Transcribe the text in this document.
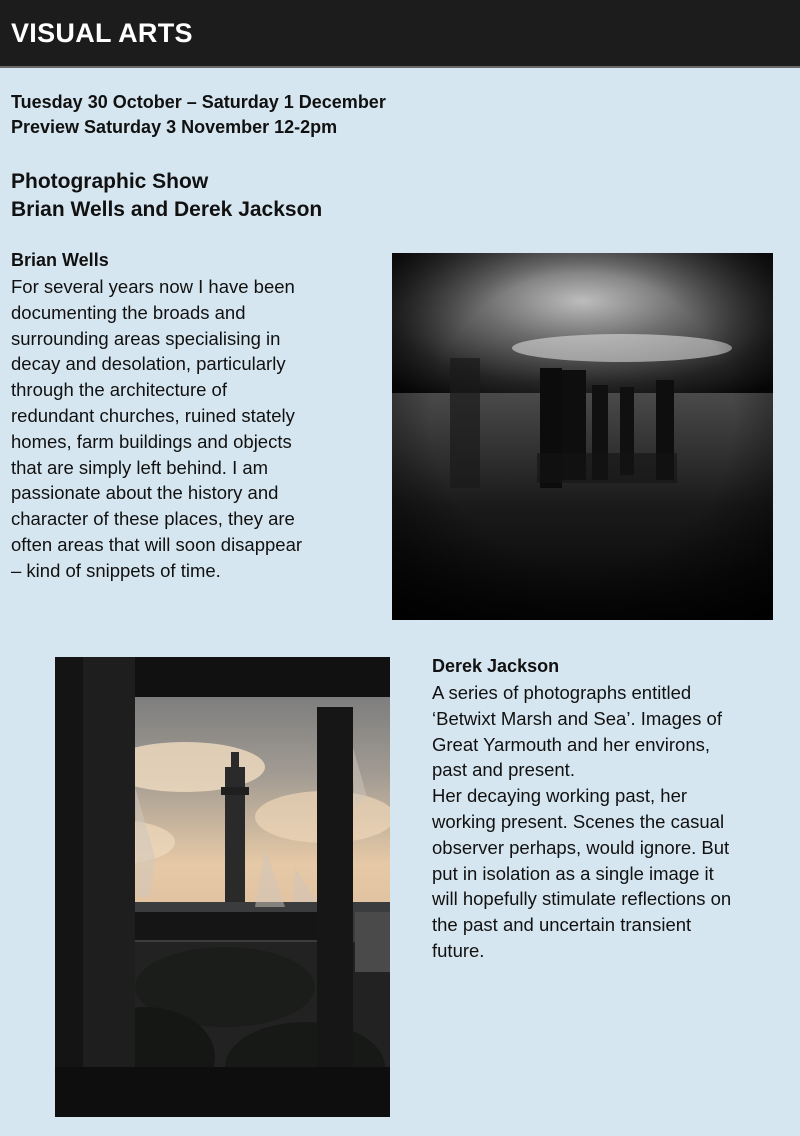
VISUAL ARTS
Tuesday 30 October – Saturday 1 December
Preview Saturday 3 November 12-2pm
Photographic Show
Brian Wells and Derek Jackson
Brian Wells
For several years now I have been
documenting the broads and
surrounding areas specialising in
decay and desolation, particularly
through the architecture of
redundant churches, ruined stately
homes, farm buildings and objects
that are simply left behind. I am
passionate about the history and
character of these places, they are
often areas that will soon disappear
– kind of snippets of time.
Derek Jackson
A series of photographs entitled
‘Betwixt Marsh and Sea’. Images of
Great Yarmouth and her environs,
past and present.
Her decaying working past, her
working present. Scenes the casual
observer perhaps, would ignore. But
put in isolation as a single image it
will hopefully stimulate reflections on
the past and uncertain transient
future.
